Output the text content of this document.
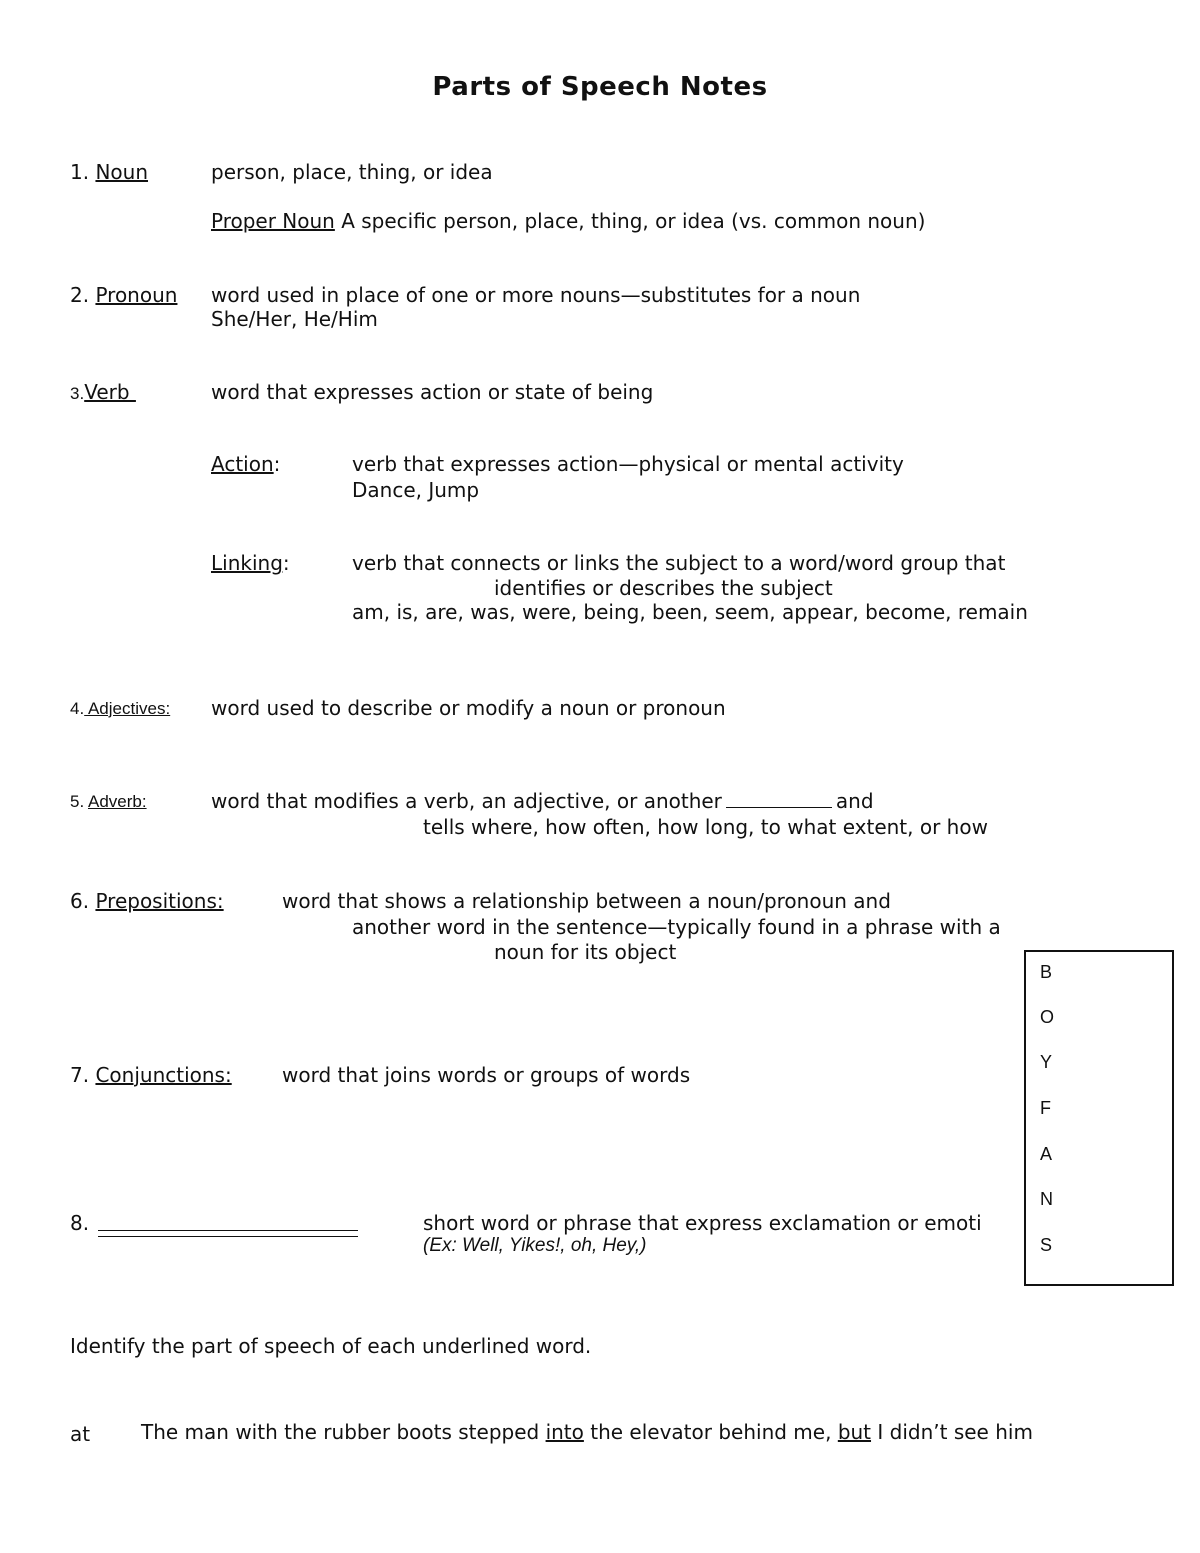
Parts of Speech Notes
1. Noun	person, place, thing, or idea
Proper Noun A specific person, place, thing, or idea (vs. common noun)
2. Pronoun word used in place of one or more nouns—substitutes for a noun
She/Her, He/Him
3.Verb	word that expresses action or state of being
Action:	verb that expresses action—physical or mental activity
Dance, Jump
Linking:	verb that connects or links the subject to a word/word group that
identifies or describes the subject
am, is, are, was, were, being, been, seem, appear, become, remain
4. Adjectives: word used to describe or modify a noun or pronoun
5. Adverb:	word that modifies a verb, an adjective, or another	and
tells where, how often, how long, to what extent, or how
6. Prepositions:	word that shows a relationship between a noun/pronoun and
another word in the sentence—typically found in a phrase with a
noun for its object
7. Conjunctions:	word that joins words or groups of words
8.	short word or phrase that express exclamation or emoti
(Ex: Well, Yikes!, oh, Hey,)
B
O
Y
F
A
N
S
Identify the part of speech of each underlined word.

The man with the rubber boots stepped into the elevator behind me, but I didn’t see him
at
